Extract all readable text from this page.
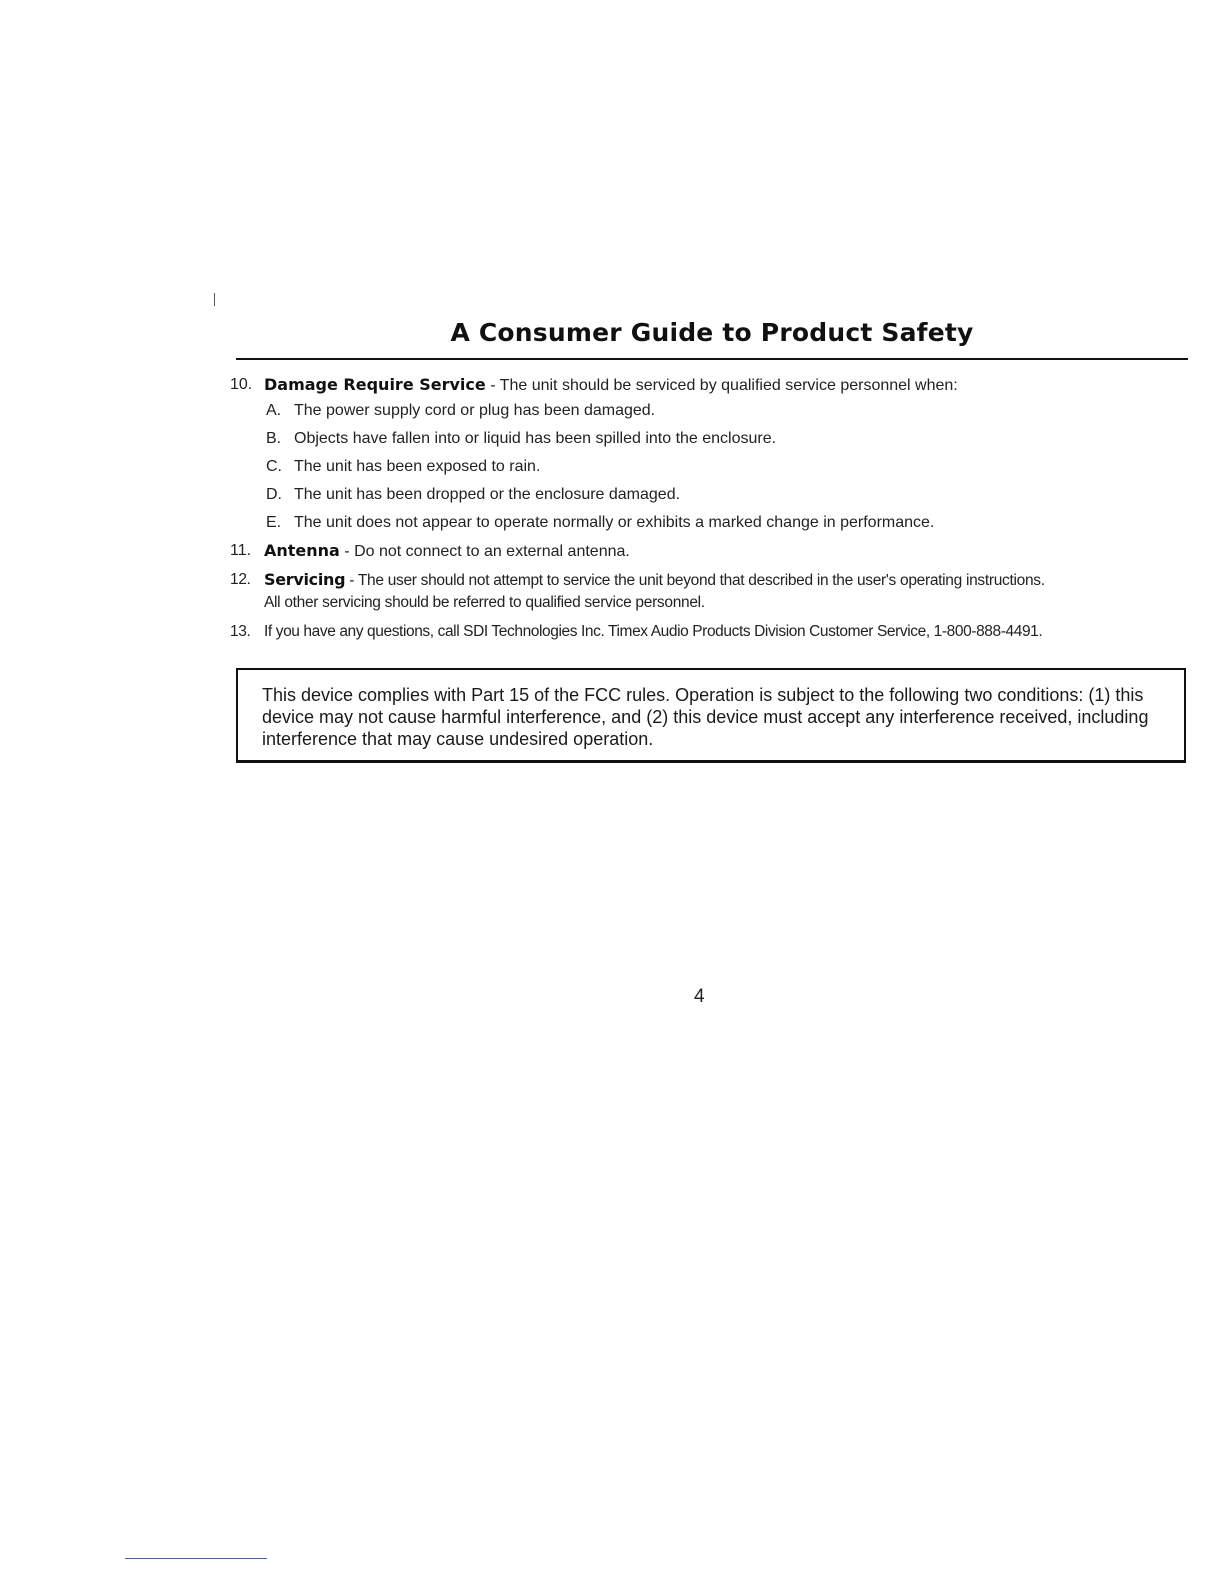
A Consumer Guide to Product Safety
10. Damage Require Service - The unit should be serviced by qualified service personnel when:
A. The power supply cord or plug has been damaged.
B. Objects have fallen into or liquid has been spilled into the enclosure.
C. The unit has been exposed to rain.
D. The unit has been dropped or the enclosure damaged.
E. The unit does not appear to operate normally or exhibits a marked change in performance.
11. Antenna - Do not connect to an external antenna.
12. Servicing - The user should not attempt to service the unit beyond that described in the user's operating instructions.
All other servicing should be referred to qualified service personnel.
13. If you have any questions, call SDI Technologies Inc. Timex Audio Products Division Customer Service, 1-800-888-4491.
This device complies with Part 15 of the FCC rules. Operation is subject to the following two conditions: (1) this device may not cause harmful interference, and (2) this device must accept any interference received, including interference that may cause undesired operation.
4
